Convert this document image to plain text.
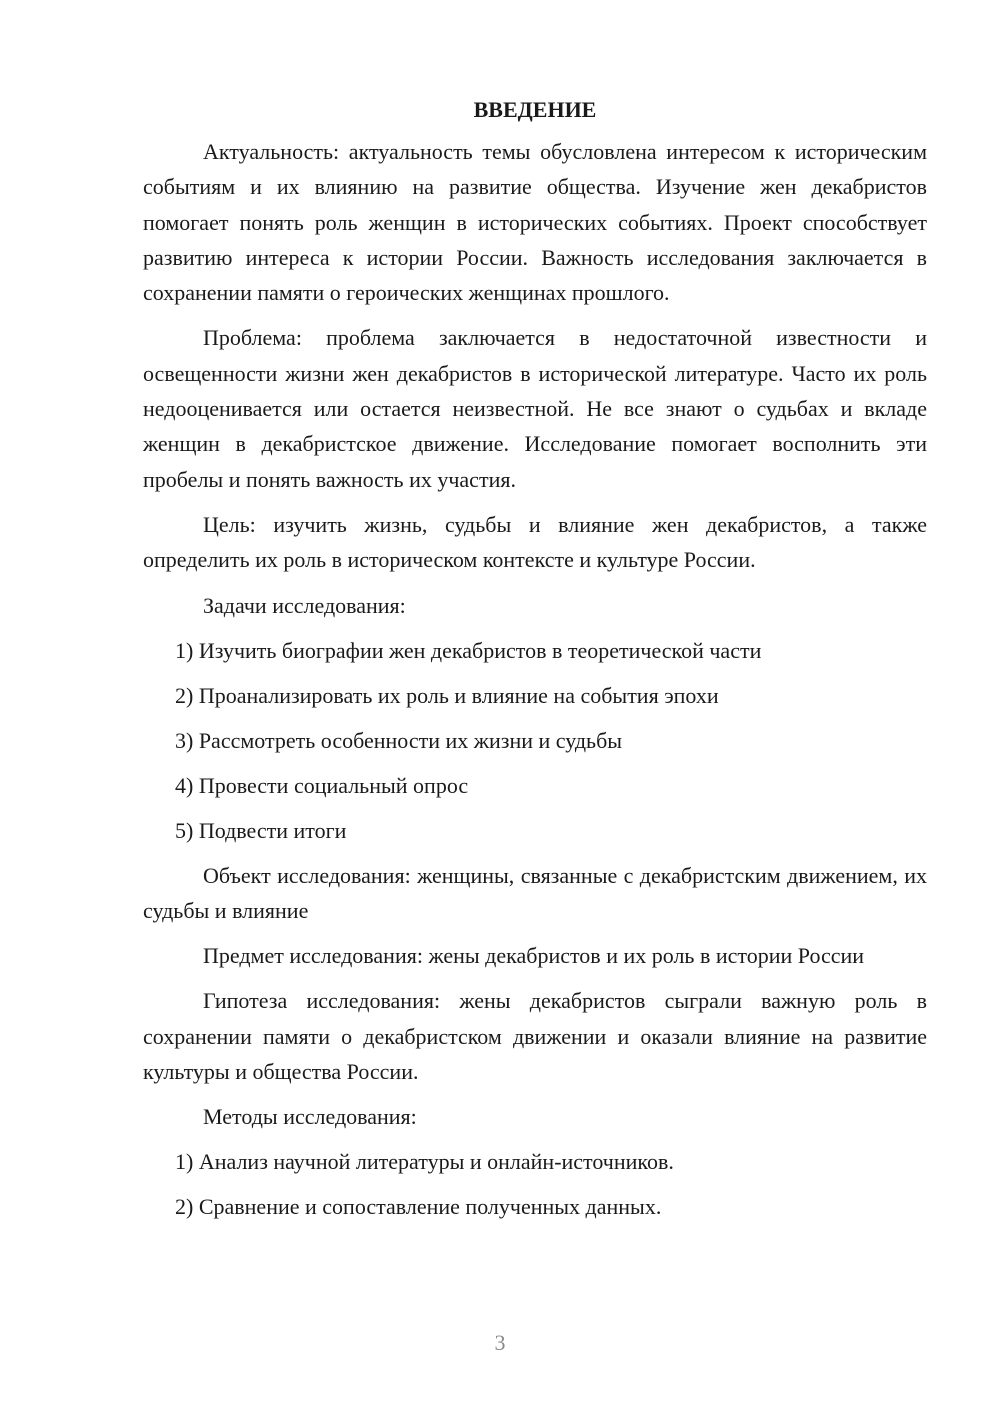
ВВЕДЕНИЕ

Актуальность: актуальность темы обусловлена интересом к историческим событиям и их влиянию на развитие общества. Изучение жен декабристов помогает понять роль женщин в исторических событиях. Проект способствует развитию интереса к истории России. Важность исследования заключается в сохранении памяти о героических женщинах прошлого.

Проблема: проблема заключается в недостаточной известности и освещенности жизни жен декабристов в исторической литературе. Часто их роль недооценивается или остается неизвестной. Не все знают о судьбах и вкладе женщин в декабристское движение. Исследование помогает восполнить эти пробелы и понять важность их участия.

Цель: изучить жизнь, судьбы и влияние жен декабристов, а также определить их роль в историческом контексте и культуре России.

Задачи исследования:
1) Изучить биографии жен декабристов в теоретической части
2) Проанализировать их роль и влияние на события эпохи
3) Рассмотреть особенности их жизни и судьбы
4) Провести социальный опрос
5) Подвести итоги

Объект исследования: женщины, связанные с декабристским движением, их судьбы и влияние

Предмет исследования: жены декабристов и их роль в истории России

Гипотеза исследования: жены декабристов сыграли важную роль в сохранении памяти о декабристском движении и оказали влияние на развитие культуры и общества России.

Методы исследования:
1) Анализ научной литературы и онлайн-источников.
2) Сравнение и сопоставление полученных данных.
3
